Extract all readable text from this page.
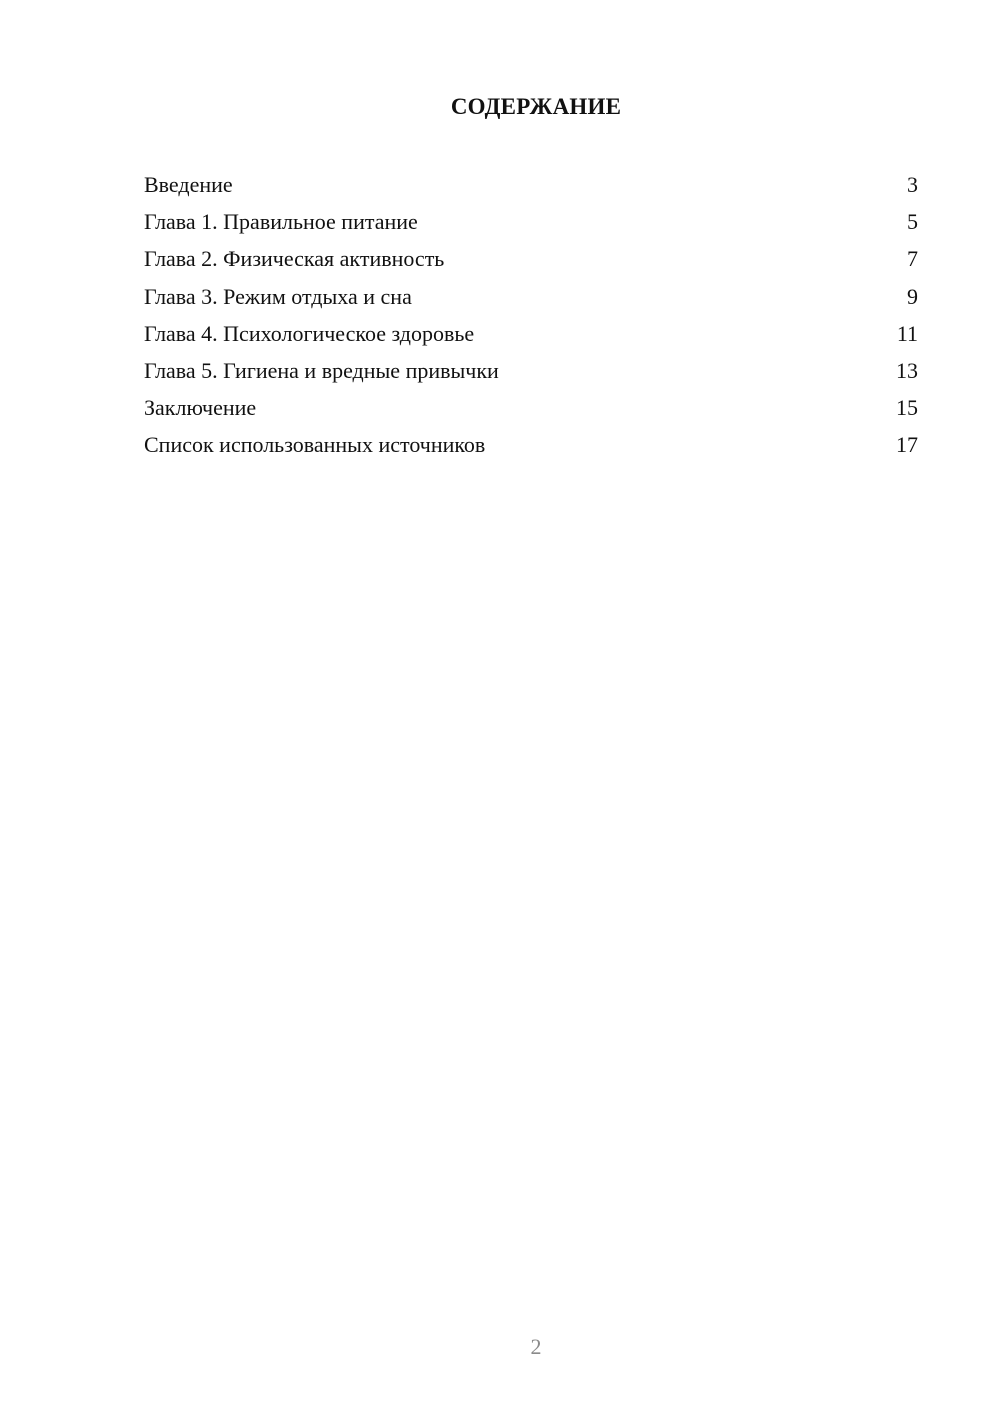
СОДЕРЖАНИЕ
Введение	3
Глава 1. Правильное питание	5
Глава 2. Физическая активность	7
Глава 3. Режим отдыха и сна	9
Глава 4. Психологическое здоровье	11
Глава 5. Гигиена и вредные привычки	13
Заключение	15
Список использованных источников	17
2
